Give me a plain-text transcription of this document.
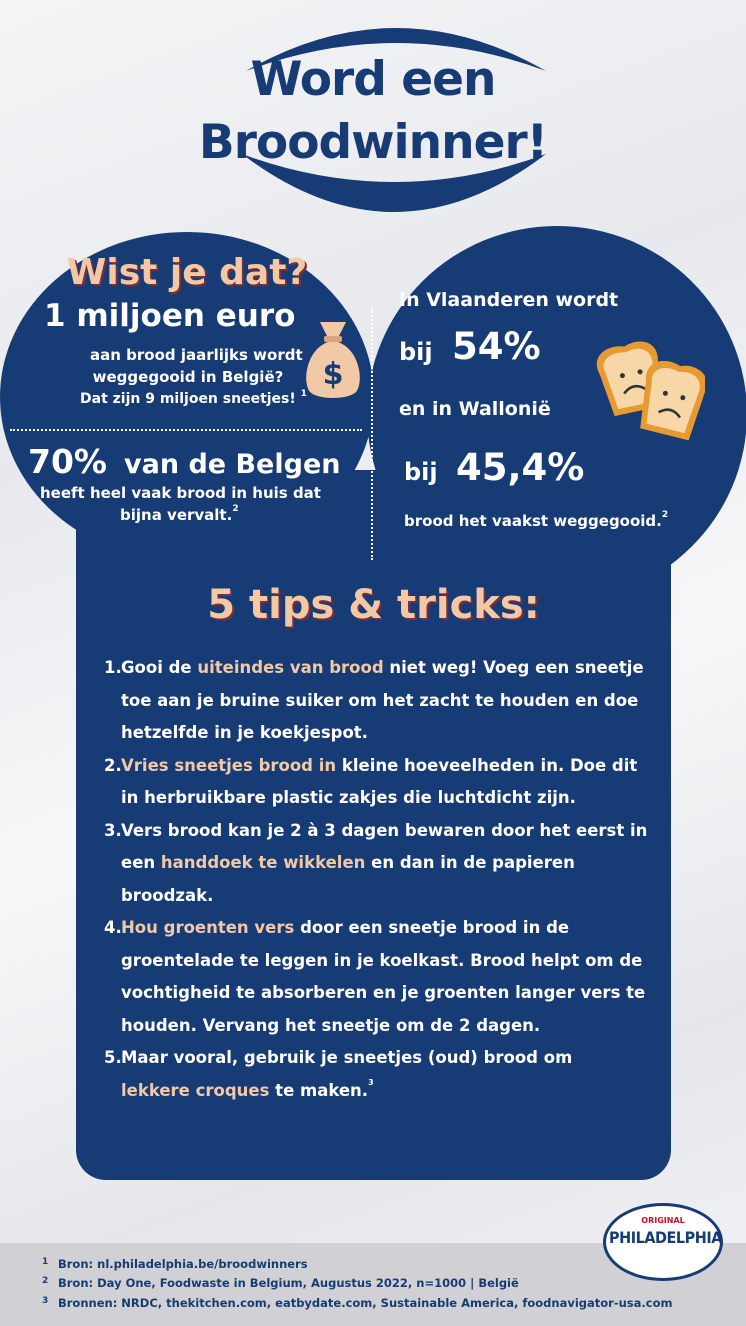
Word een
Broodwinner!
Wist je dat?
1 miljoen euro
aan brood jaarlijks wordt
weggegooid in België?
Dat zijn 9 miljoen sneetjes! $^1$
$
70% van de Belgen
heeft heel vaak brood in huis dat
bijna vervalt.$^2$
In Vlaanderen wordt
bij 54%
en in Wallonië
bij 45,4%
brood het vaakst weggegooid.$^2$
5 tips & tricks:
1. Gooi de uiteindes van brood niet weg! Voeg een sneetje
toe aan je bruine suiker om het zacht te houden en doe
hetzelfde in je koekjespot.
2. Vries sneetjes brood in kleine hoeveelheden in. Doe dit
in herbruikbare plastic zakjes die luchtdicht zijn.
3. Vers brood kan je 2 à 3 dagen bewaren door het eerst in
een handdoek te wikkelen en dan in de papieren
broodzak.
4. Hou groenten vers door een sneetje brood in de
groentelade te leggen in je koelkast. Brood helpt om de
vochtigheid te absorberen en je groenten langer vers te
houden. Vervang het sneetje om de 2 dagen.
5. Maar vooral, gebruik je sneetjes (oud) brood om
lekkere croques te maken.$^3$
1 Bron: nl.philadelphia.be/broodwinners
2 Bron: Day One, Foodwaste in Belgium, Augustus 2022, n=1000 | België
3 Bronnen: NRDC, thekitchen.com, eatbydate.com, Sustainable America, foodnavigator-usa.com
ORIGINAL
PHILADELPHIA
